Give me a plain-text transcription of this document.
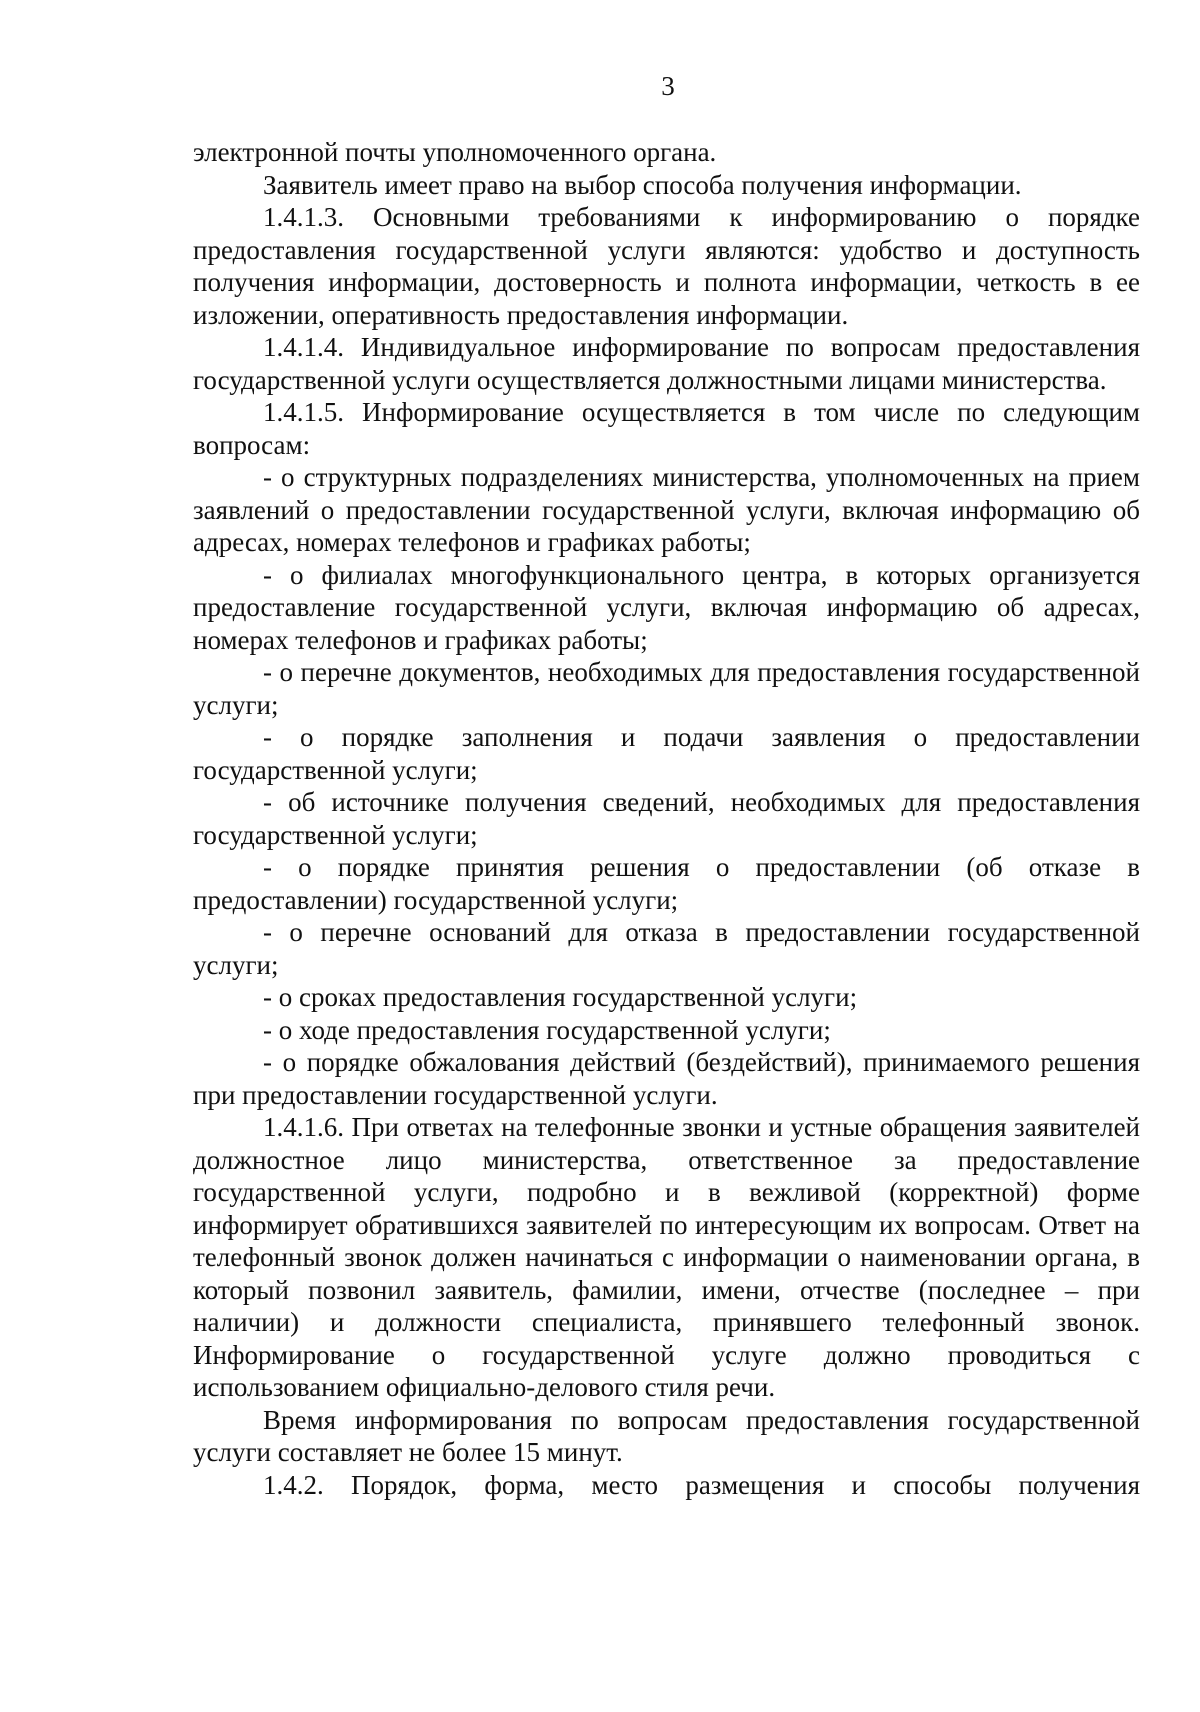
3

электронной почты уполномоченного органа.

Заявитель имеет право на выбор способа получения информации.

1.4.1.3. Основными требованиями к информированию о порядке предоставления государственной услуги являются: удобство и доступность получения информации, достоверность и полнота информации, четкость в ее изложении, оперативность предоставления информации.

1.4.1.4. Индивидуальное информирование по вопросам предоставления государственной услуги осуществляется должностными лицами министерства.

1.4.1.5. Информирование осуществляется в том числе по следующим вопросам:

- о структурных подразделениях министерства, уполномоченных на прием заявлений о предоставлении государственной услуги, включая информацию об адресах, номерах телефонов и графиках работы;

- о филиалах многофункционального центра, в которых организуется предоставление государственной услуги, включая информацию об адресах, номерах телефонов и графиках работы;

- о перечне документов, необходимых для предоставления государственной услуги;

- о порядке заполнения и подачи заявления о предоставлении государственной услуги;

- об источнике получения сведений, необходимых для предоставления государственной услуги;

- о порядке принятия решения о предоставлении (об отказе в предоставлении) государственной услуги;

- о перечне оснований для отказа в предоставлении государственной услуги;

- о сроках предоставления государственной услуги;

- о ходе предоставления государственной услуги;

- о порядке обжалования действий (бездействий), принимаемого решения при предоставлении государственной услуги.

1.4.1.6. При ответах на телефонные звонки и устные обращения заявителей должностное лицо министерства, ответственное за предоставление государственной услуги, подробно и в вежливой (корректной) форме информирует обратившихся заявителей по интересующим их вопросам. Ответ на телефонный звонок должен начинаться с информации о наименовании органа, в который позвонил заявитель, фамилии, имени, отчестве (последнее – при наличии) и должности специалиста, принявшего телефонный звонок. Информирование о государственной услуге должно проводиться с использованием официально-делового стиля речи.

Время информирования по вопросам предоставления государственной услуги составляет не более 15 минут.

1.4.2. Порядок, форма, место размещения и способы получения
